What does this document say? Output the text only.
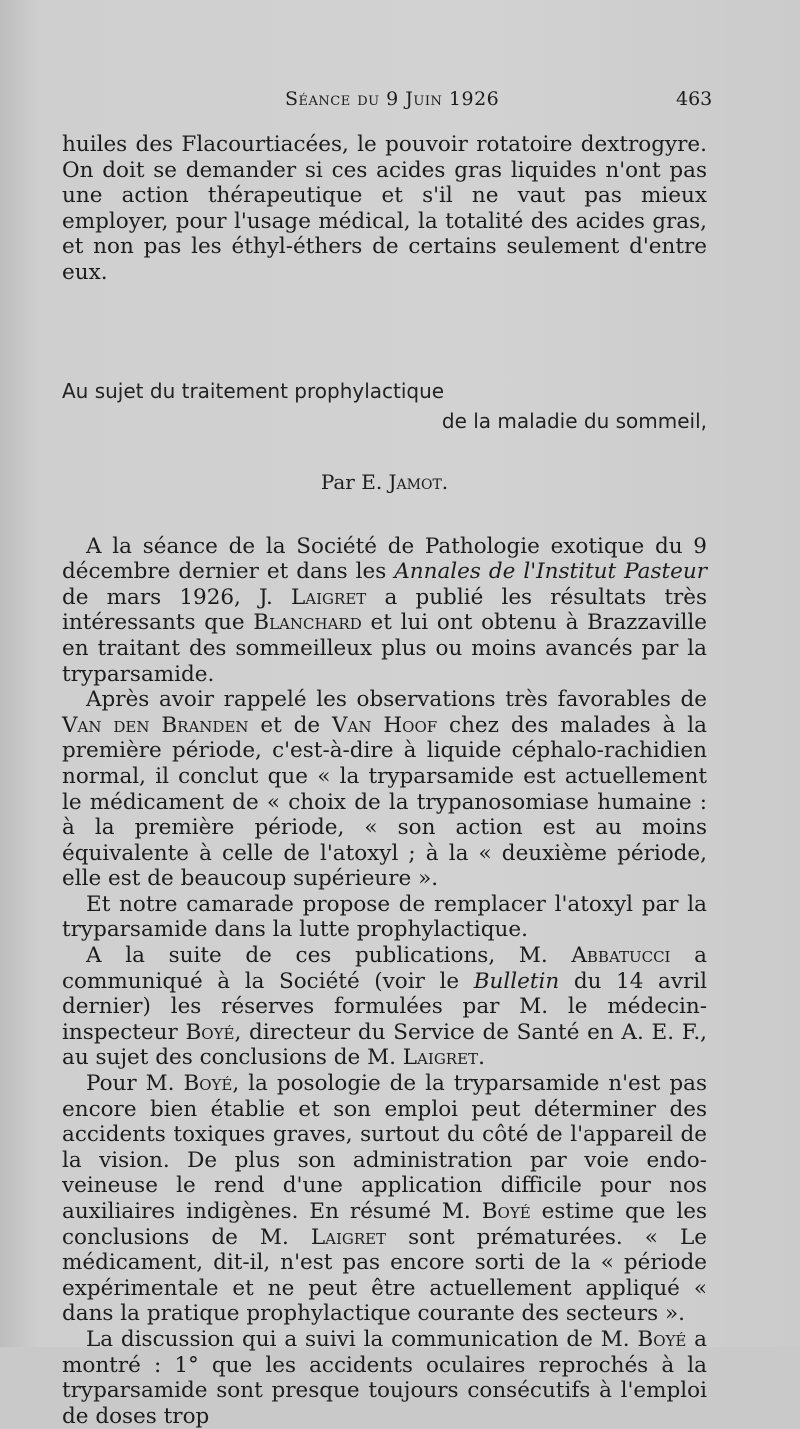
Séance du 9 Juin 1926	463

huiles des Flacourtiacées, le pouvoir rotatoire dextrogyre. On doit se demander si ces acides gras liquides n'ont pas une action thérapeutique et s'il ne vaut pas mieux employer, pour l'usage médical, la totalité des acides gras, et non pas les éthyl-éthers de certains seulement d'entre eux.

Au sujet du traitement prophylactique
de la maladie du sommeil,
Par E. Jamot.

A la séance de la Société de Pathologie exotique du 9 décembre dernier et dans les Annales de l'Institut Pasteur de mars 1926, J. Laigret a publié les résultats très intéressants que Blanchard et lui ont obtenu à Brazzaville en traitant des sommeilleux plus ou moins avancés par la tryparsamide.

Après avoir rappelé les observations très favorables de Van den Branden et de Van Hoof chez des malades à la première période, c'est-à-dire à liquide céphalo-rachidien normal, il conclut que « la tryparsamide est actuellement le médicament de « choix de la trypanosomiase humaine : à la première période, « son action est au moins équivalente à celle de l'atoxyl ; à la « deuxième période, elle est de beaucoup supérieure ».

Et notre camarade propose de remplacer l'atoxyl par la tryparsamide dans la lutte prophylactique.

A la suite de ces publications, M. Abbatucci a communiqué à la Société (voir le Bulletin du 14 avril dernier) les réserves formulées par M. le médecin-inspecteur Boyé, directeur du Service de Santé en A. E. F., au sujet des conclusions de M. Laigret.

Pour M. Boyé, la posologie de la tryparsamide n'est pas encore bien établie et son emploi peut déterminer des accidents toxiques graves, surtout du côté de l'appareil de la vision. De plus son administration par voie endo-veineuse le rend d'une application difficile pour nos auxiliaires indigènes. En résumé M. Boyé estime que les conclusions de M. Laigret sont prématurées. « Le médicament, dit-il, n'est pas encore sorti de la « période expérimentale et ne peut être actuellement appliqué « dans la pratique prophylactique courante des secteurs ».

La discussion qui a suivi la communication de M. Boyé a montré : 1° que les accidents oculaires reprochés à la tryparsamide sont presque toujours consécutifs à l'emploi de doses trop
